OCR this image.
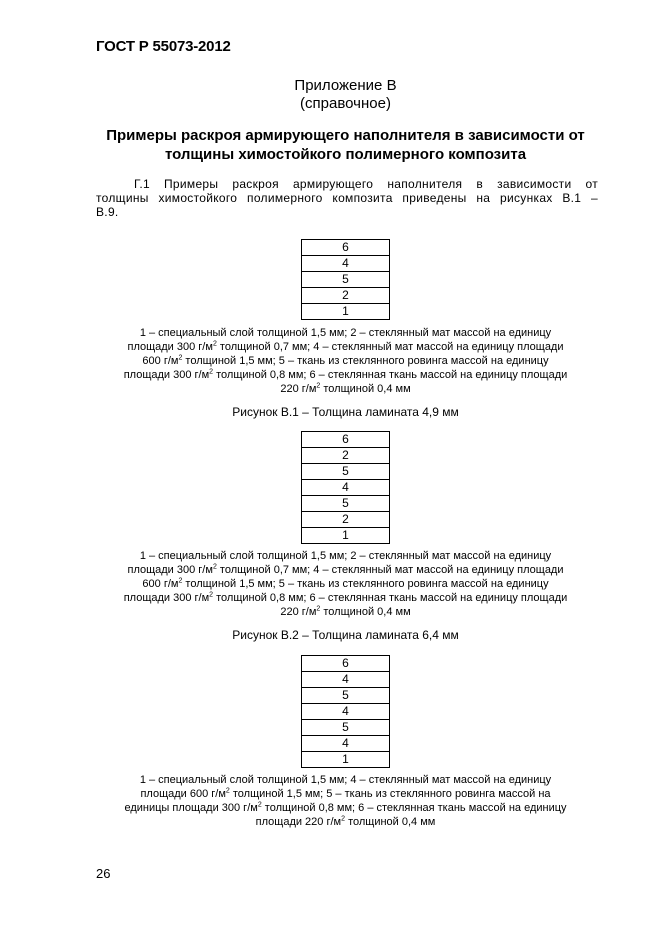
ГОСТ Р 55073-2012
Приложение В
(справочное)
Примеры раскроя армирующего наполнителя в зависимости от
толщины химостойкого полимерного композита
Г.1 Примеры раскроя армирующего наполнителя в зависимости от толщины химостойкого полимерного композита приведены на рисунках В.1 – В.9.
6
4
5
2
1
1 – специальный слой толщиной 1,5 мм; 2 – стеклянный мат массой на единицу
площади 300 $г/м^2$ толщиной 0,7 мм; 4 – стеклянный мат массой на единицу площади
600 $г/м^2$ толщиной 1,5 мм; 5 – ткань из стеклянного ровинга массой на единицу
площади 300 $г/м^2$ толщиной 0,8 мм; 6 – стеклянная ткань массой на единицу площади
220 $г/м^2$ толщиной 0,4 мм
Рисунок В.1 – Толщина ламината 4,9 мм
6
2
5
4
5
2
1
1 – специальный слой толщиной 1,5 мм; 2 – стеклянный мат массой на единицу
площади 300 $г/м^2$ толщиной 0,7 мм; 4 – стеклянный мат массой на единицу площади
600 $г/м^2$ толщиной 1,5 мм; 5 – ткань из стеклянного ровинга массой на единицу
площади 300 $г/м^2$ толщиной 0,8 мм; 6 – стеклянная ткань массой на единицу площади
220 $г/м^2$ толщиной 0,4 мм
Рисунок В.2 – Толщина ламината 6,4 мм
6
4
5
4
5
4
1
1 – специальный слой толщиной 1,5 мм; 4 – стеклянный мат массой на единицу
площади 600 $г/м^2$ толщиной 1,5 мм; 5 – ткань из стеклянного ровинга массой на
единицы площади 300 $г/м^2$ толщиной 0,8 мм; 6 – стеклянная ткань массой на единицу
площади 220 $г/м^2$ толщиной 0,4 мм
26
